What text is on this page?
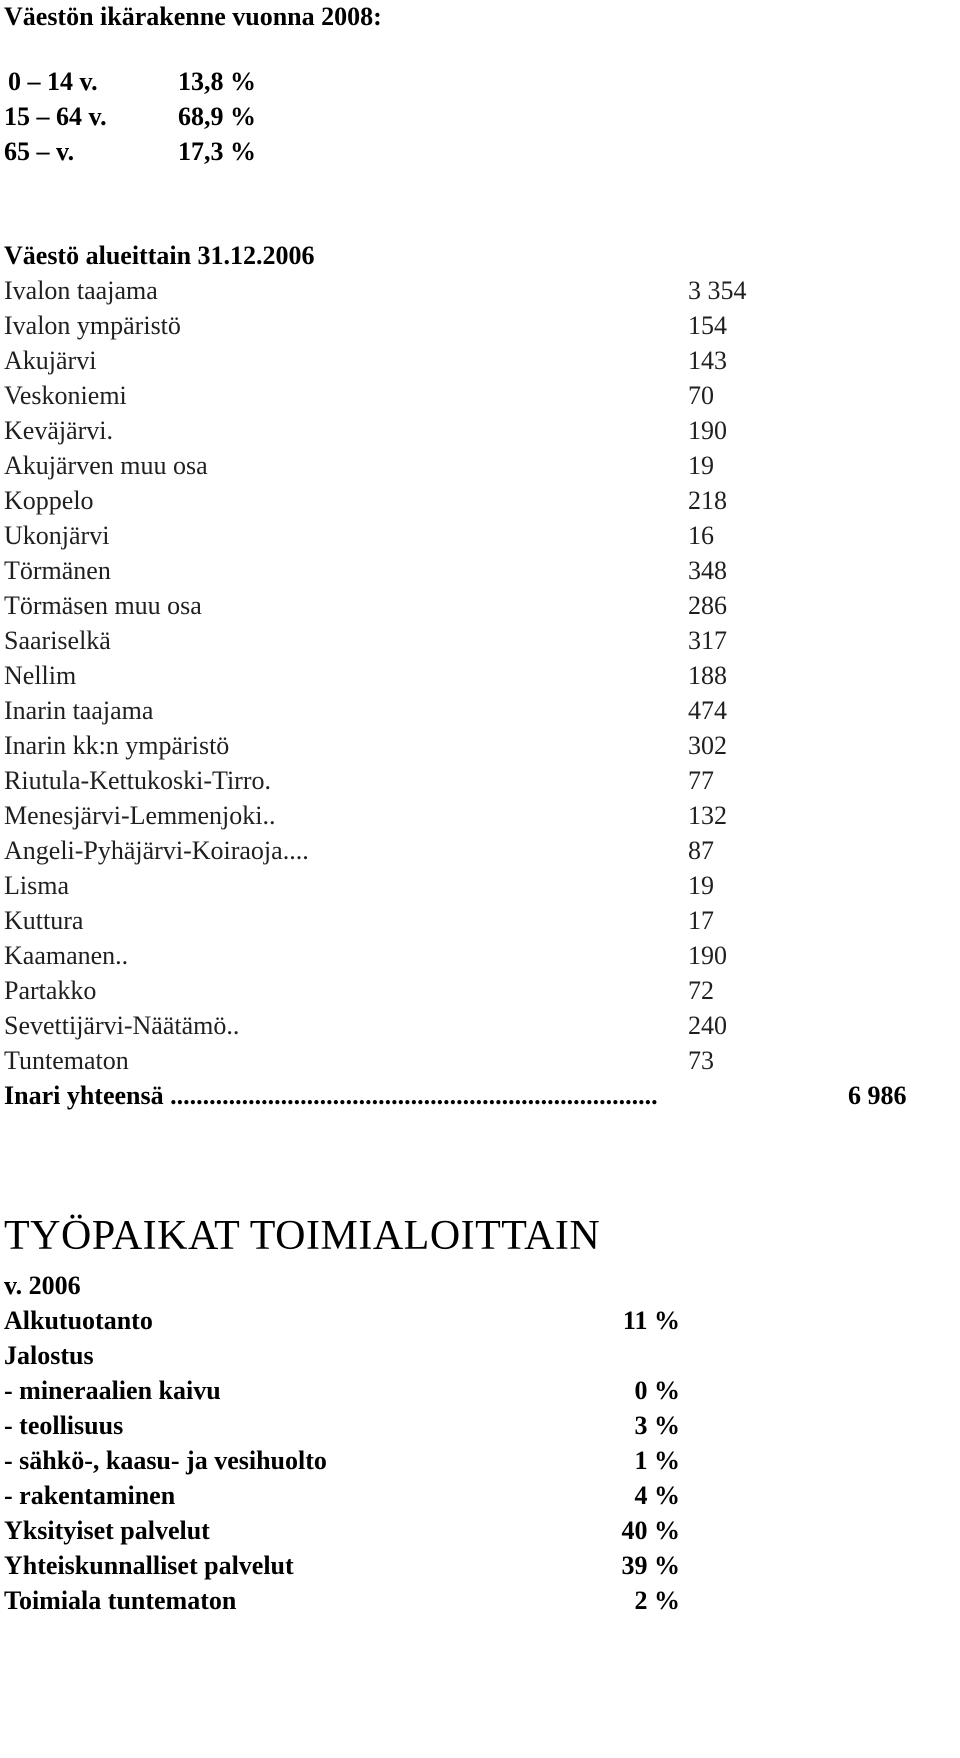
Väestön ikärakenne vuonna 2008:
0 – 14 v.	13,8 %
15 – 64 v.	68,9 %
65 – v.	17,3 %
Väestö alueittain 31.12.2006
Ivalon taajama	3 354
Ivalon ympäristö	154
Akujärvi	143
Veskoniemi	70
Keväjärvi.	190
Akujärven muu osa	19
Koppelo	218
Ukonjärvi	16
Törmänen	348
Törmäsen muu osa	286
Saariselkä	317
Nellim	188
Inarin taajama	474
Inarin kk:n ympäristö	302
Riutula-Kettukoski-Tirro.	77
Menesjärvi-Lemmenjoki..	132
Angeli-Pyhäjärvi-Koiraoja....	87
Lisma	19
Kuttura	17
Kaamanen..	190
Partakko	72
Sevettijärvi-Näätämö..	240
Tuntematon	73
Inari yhteensä ...........................................................................	6 986
TYÖPAIKAT TOIMIALOITTAIN
v. 2006
Alkutuotanto	11 %
Jalostus
- mineraalien kaivu	0 %
- teollisuus	3 %
- sähkö-, kaasu- ja vesihuolto	1 %
- rakentaminen	4 %
Yksityiset palvelut	40 %
Yhteiskunnalliset palvelut	39 %
Toimiala tuntematon	2 %
